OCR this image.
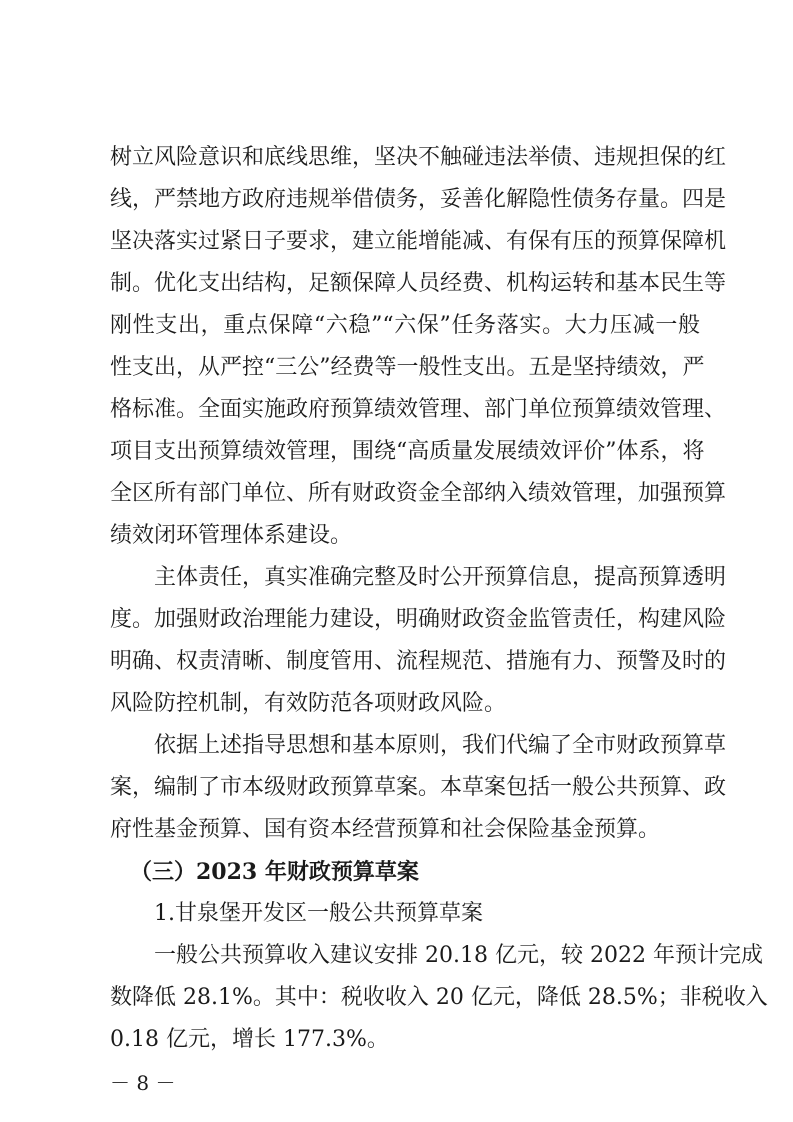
树立风险意识和底线思维，坚决不触碰违法举债、违规担保的红
线，严禁地方政府违规举借债务，妥善化解隐性债务存量。四是
坚决落实过紧日子要求，建立能增能减、有保有压的预算保障机
制。优化支出结构，足额保障人员经费、机构运转和基本民生等
刚性支出，重点保障“六稳”“六保”任务落实。大力压减一般
性支出，从严控“三公”经费等一般性支出。五是坚持绩效，严
格标准。全面实施政府预算绩效管理、部门单位预算绩效管理、
项目支出预算绩效管理，围绕“高质量发展绩效评价”体系，将
全区所有部门单位、所有财政资金全部纳入绩效管理，加强预算
绩效闭环管理体系建设。
主体责任，真实准确完整及时公开预算信息，提高预算透明
度。加强财政治理能力建设，明确财政资金监管责任，构建风险
明确、权责清晰、制度管用、流程规范、措施有力、预警及时的
风险防控机制，有效防范各项财政风险。
依据上述指导思想和基本原则，我们代编了全市财政预算草
案，编制了市本级财政预算草案。本草案包括一般公共预算、政
府性基金预算、国有资本经营预算和社会保险基金预算。
（三）2023 年财政预算草案
1.甘泉堡开发区一般公共预算草案
一般公共预算收入建议安排 20.18 亿元，较 2022 年预计完成
数降低 28.1%。其中：税收收入 20 亿元，降低 28.5%；非税收入
0.18 亿元，增长 177.3%。
－ 8 －
